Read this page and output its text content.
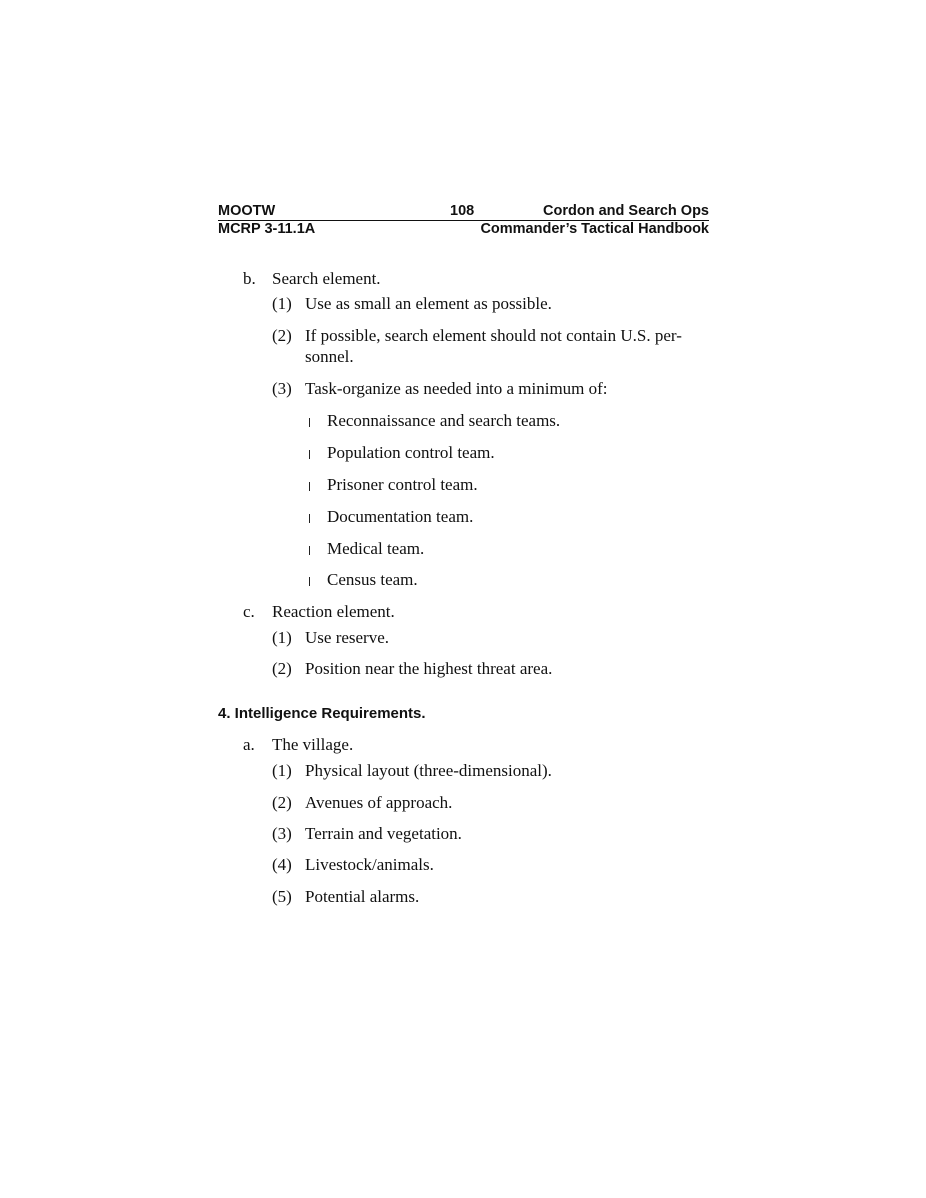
MOOTW	108	Cordon and Search Ops
MCRP 3-11.1A	Commander’s Tactical Handbook
b. Search element.
(1) Use as small an element as possible.
(2) If possible, search element should not contain U.S. per-
sonnel.
(3) Task-organize as needed into a minimum of:
Reconnaissance and search teams.
Population control team.
Prisoner control team.
Documentation team.
Medical team.
Census team.
c. Reaction element.
(1) Use reserve.
(2) Position near the highest threat area.
4. Intelligence Requirements.
a. The village.
(1) Physical layout (three-dimensional).
(2) Avenues of approach.
(3) Terrain and vegetation.
(4) Livestock/animals.
(5) Potential alarms.
